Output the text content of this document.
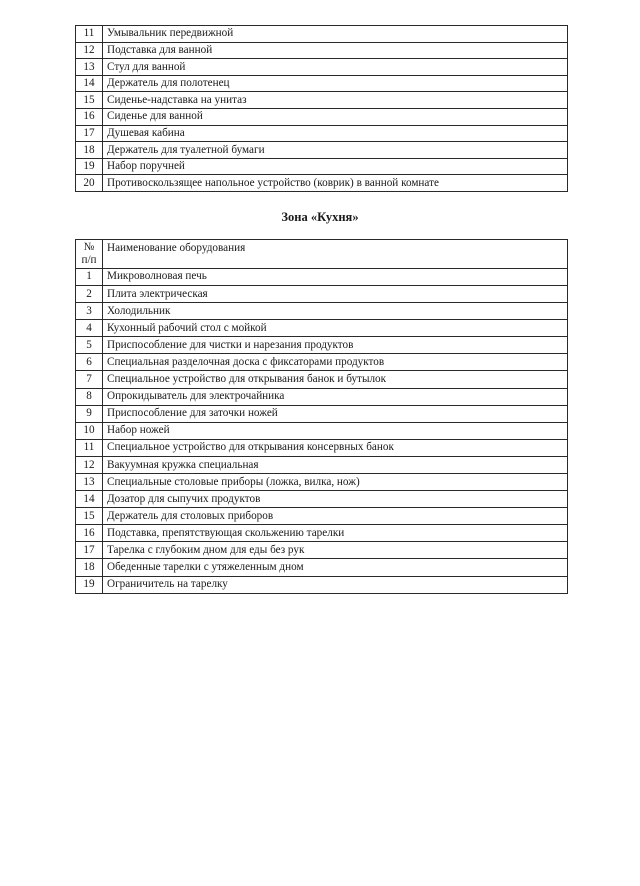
11	Умывальник передвижной
12	Подставка для ванной
13	Стул для ванной
14	Держатель для полотенец
15	Сиденье-надставка на унитаз
16	Сиденье для ванной
17	Душевая кабина
18	Держатель для туалетной бумаги
19	Набор поручней
20	Противоскользящее напольное устройство (коврик) в ванной комнате
Зона «Кухня»
№
п/п	Наименование оборудования
1	Микроволновая печь
2	Плита электрическая
3	Холодильник
4	Кухонный рабочий стол с мойкой
5	Приспособление для чистки и нарезания продуктов
6	Специальная разделочная доска с фиксаторами продуктов
7	Специальное устройство для открывания банок и бутылок
8	Опрокидыватель для электрочайника
9	Приспособление для заточки ножей
10	Набор ножей
11	Специальное устройство для открывания консервных банок
12	Вакуумная кружка специальная
13	Специальные столовые приборы (ложка, вилка, нож)
14	Дозатор для сыпучих продуктов
15	Держатель для столовых приборов
16	Подставка, препятствующая скольжению тарелки
17	Тарелка с глубоким дном для еды без рук
18	Обеденные тарелки с утяжеленным дном
19	Ограничитель на тарелку
